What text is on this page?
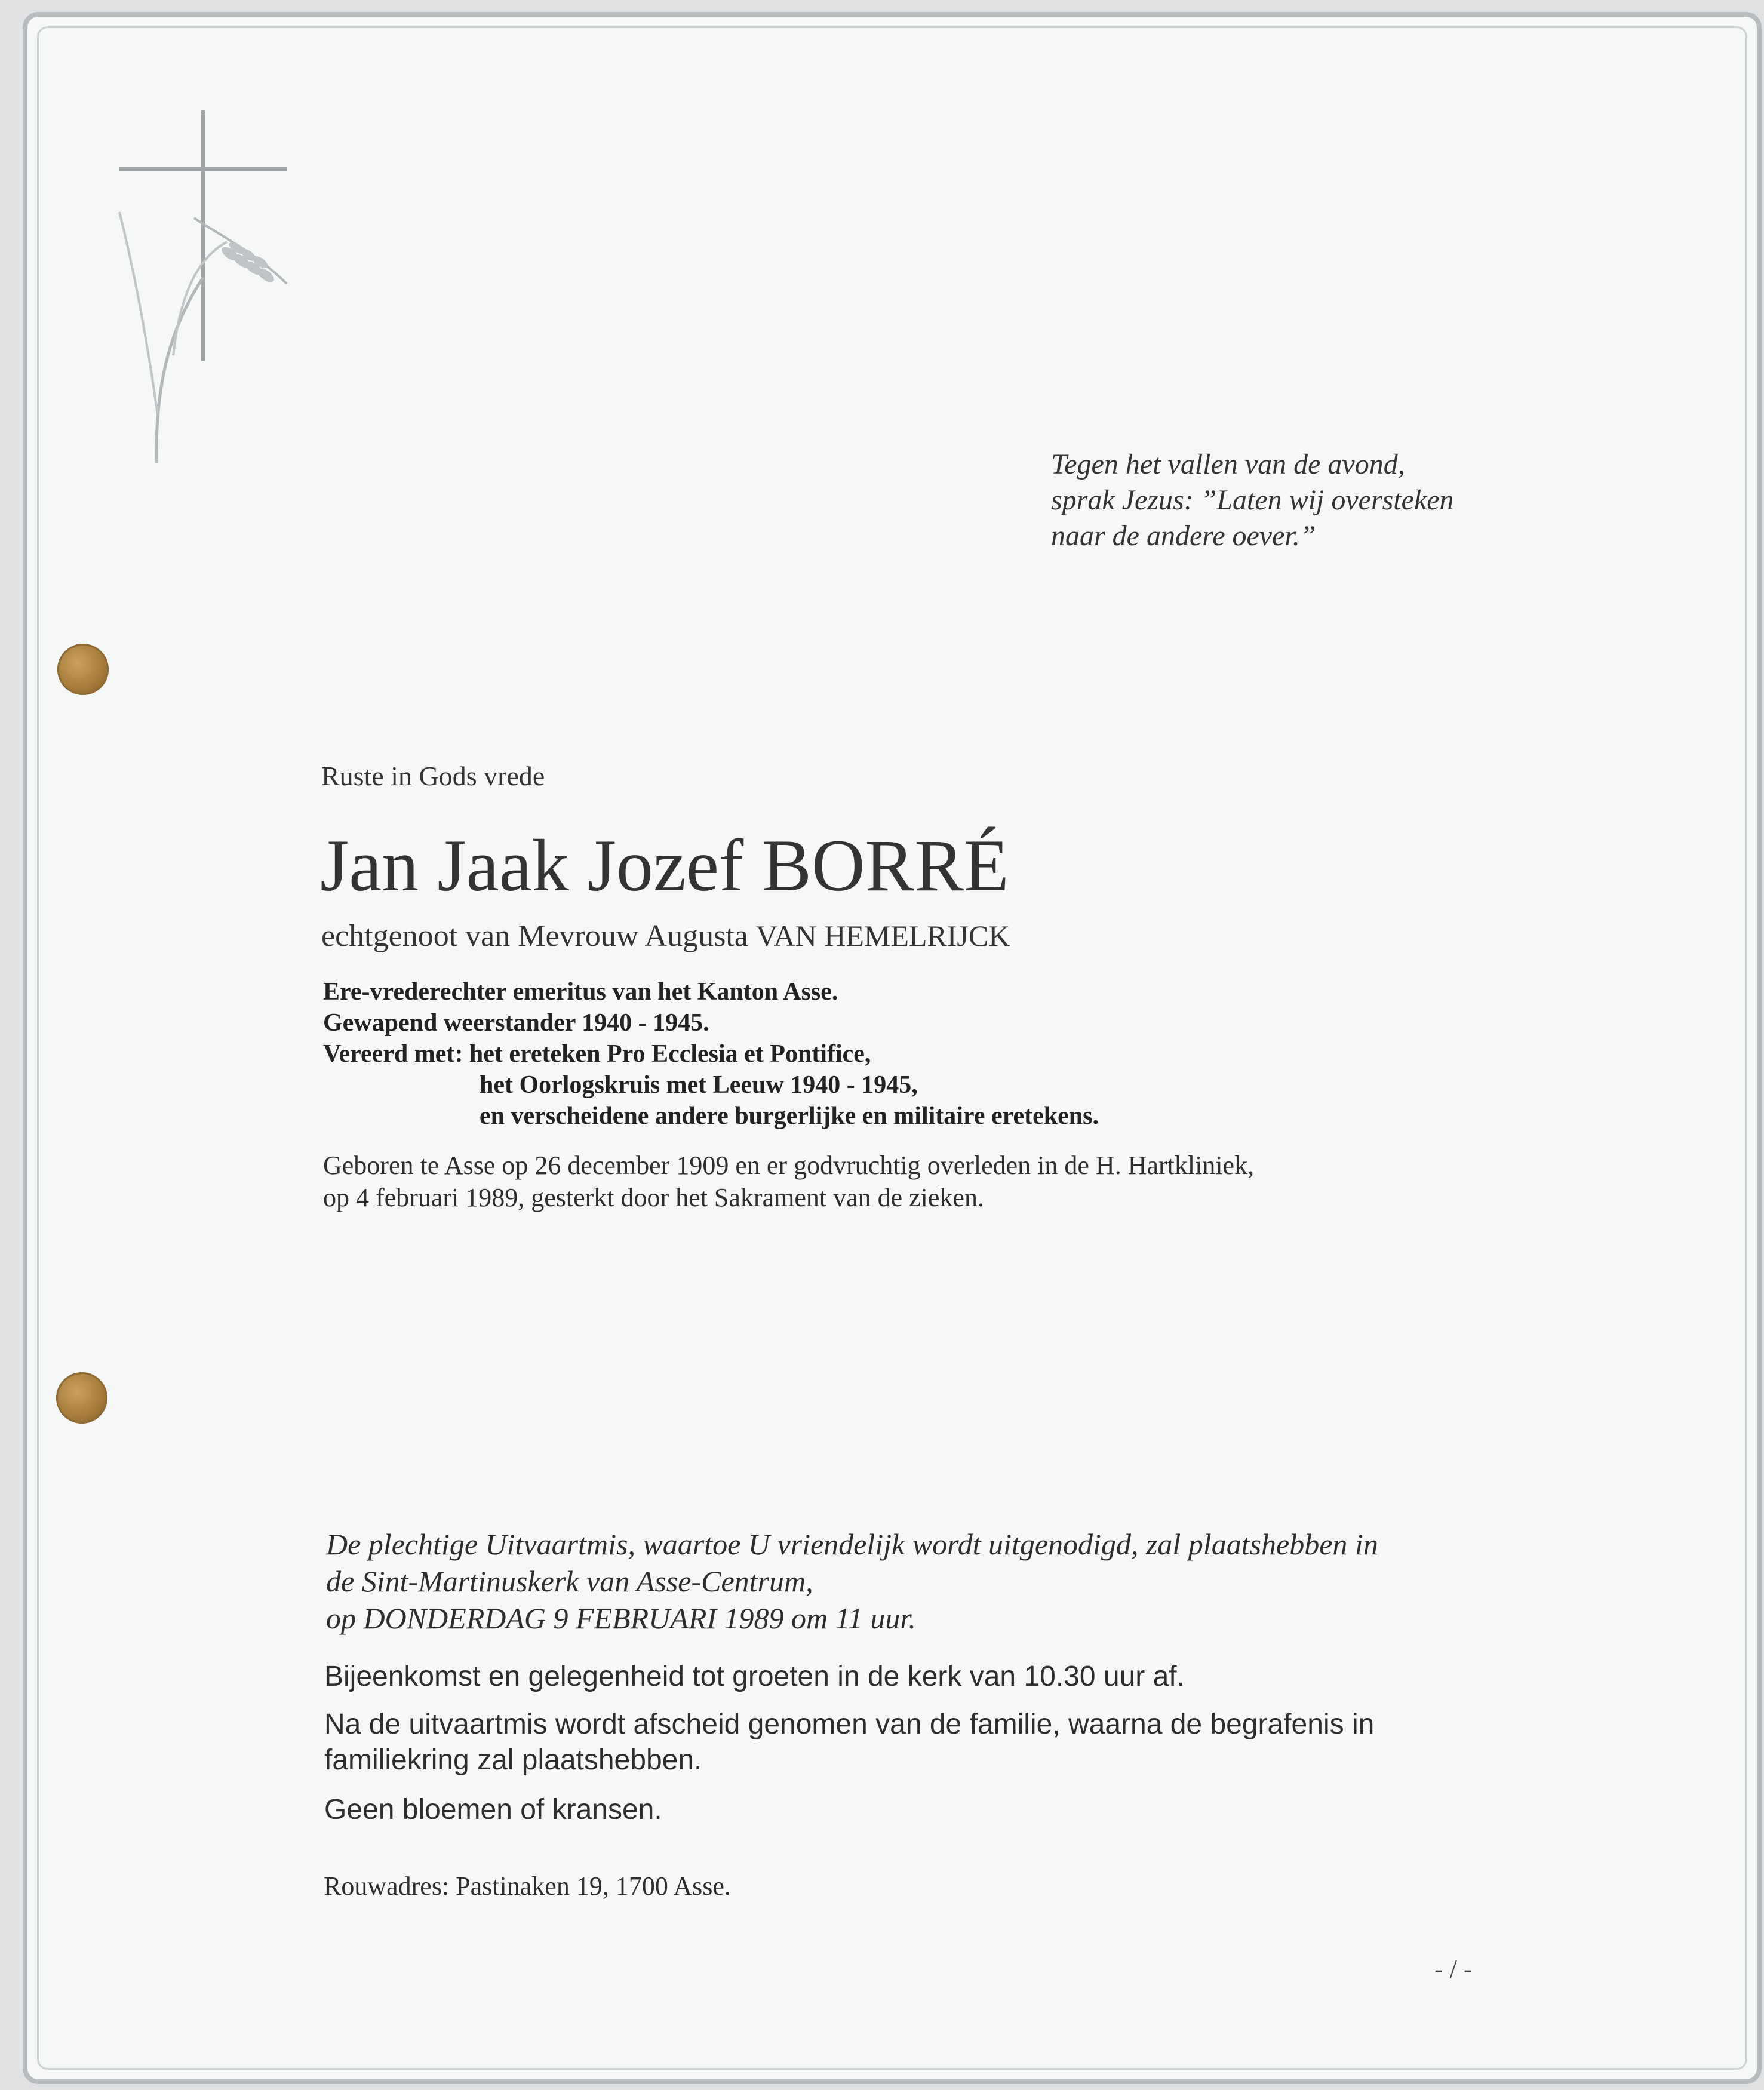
Tegen het vallen van de avond,
sprak Jezus: ”Laten wij oversteken
naar de andere oever.”
Ruste in Gods vrede
Jan Jaak Jozef BORRÉ
echtgenoot van Mevrouw Augusta VAN HEMELRIJCK
Ere-vrederechter emeritus van het Kanton Asse.
Gewapend weerstander 1940 - 1945.
Vereerd met: het ereteken Pro Ecclesia et Pontifice,
het Oorlogskruis met Leeuw 1940 - 1945,
en verscheidene andere burgerlijke en militaire eretekens.
Geboren te Asse op 26 december 1909 en er godvruchtig overleden in de H. Hartkliniek,
op 4 februari 1989, gesterkt door het Sakrament van de zieken.
De plechtige Uitvaartmis, waartoe U vriendelijk wordt uitgenodigd, zal plaatshebben in
de Sint-Martinuskerk van Asse-Centrum,
op DONDERDAG 9 FEBRUARI 1989 om 11 uur.
Bijeenkomst en gelegenheid tot groeten in de kerk van 10.30 uur af.
Na de uitvaartmis wordt afscheid genomen van de familie, waarna de begrafenis in
familiekring zal plaatshebben.
Geen bloemen of kransen.
Rouwadres: Pastinaken 19, 1700 Asse.
- / -
